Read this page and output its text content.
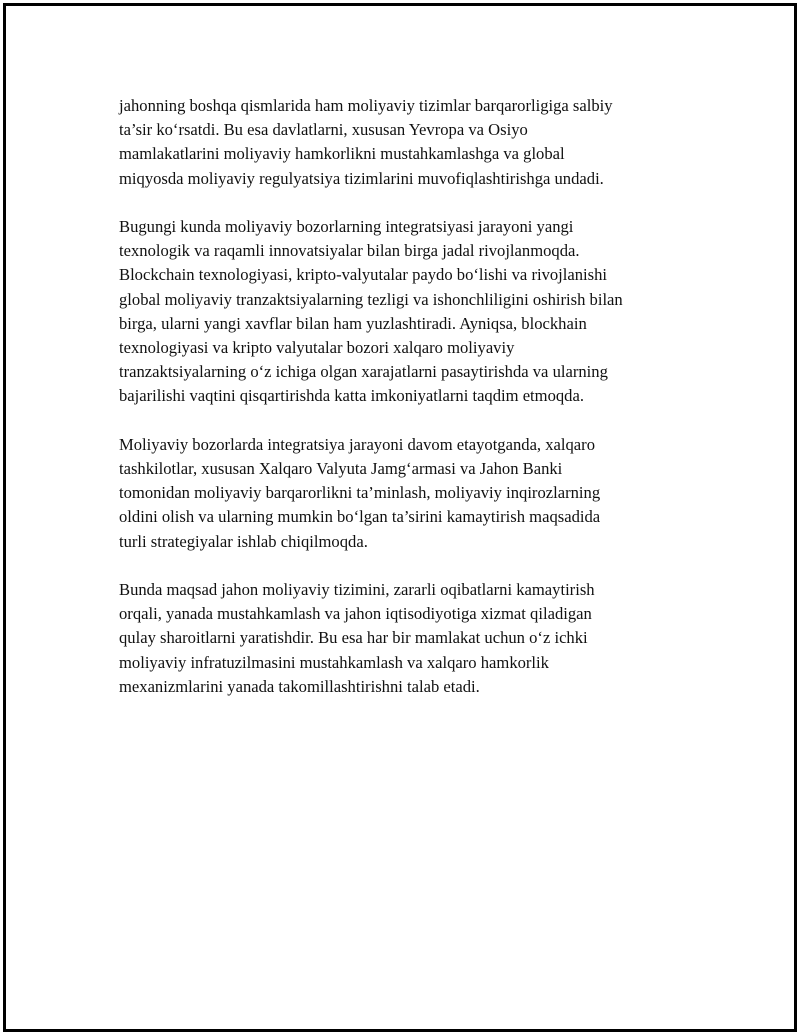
jahonning boshqa qismlarida ham moliyaviy tizimlar barqarorligiga salbiy
ta’sir ko‘rsatdi. Bu esa davlatlarni, xususan Yevropa va Osiyo
mamlakatlarini moliyaviy hamkorlikni mustahkamlashga va global
miqyosda moliyaviy regulyatsiya tizimlarini muvofiqlashtirishga undadi.

Bugungi kunda moliyaviy bozorlarning integratsiyasi jarayoni yangi
texnologik va raqamli innovatsiyalar bilan birga jadal rivojlanmoqda.
Blockchain texnologiyasi, kripto-valyutalar paydo bo‘lishi va rivojlanishi
global moliyaviy tranzaktsiyalarning tezligi va ishonchliligini oshirish bilan
birga, ularni yangi xavflar bilan ham yuzlashtiradi. Ayniqsa, blockhain
texnologiyasi va kripto valyutalar bozori xalqaro moliyaviy
tranzaktsiyalarning o‘z ichiga olgan xarajatlarni pasaytirishda va ularning
bajarilishi vaqtini qisqartirishda katta imkoniyatlarni taqdim etmoqda.

Moliyaviy bozorlarda integratsiya jarayoni davom etayotganda, xalqaro
tashkilotlar, xususan Xalqaro Valyuta Jamg‘armasi va Jahon Banki
tomonidan moliyaviy barqarorlikni ta’minlash, moliyaviy inqirozlarning
oldini olish va ularning mumkin bo‘lgan ta’sirini kamaytirish maqsadida
turli strategiyalar ishlab chiqilmoqda.

Bunda maqsad jahon moliyaviy tizimini, zararli oqibatlarni kamaytirish
orqali, yanada mustahkamlash va jahon iqtisodiyotiga xizmat qiladigan
qulay sharoitlarni yaratishdir. Bu esa har bir mamlakat uchun o‘z ichki
moliyaviy infratuzilmasini mustahkamlash va xalqaro hamkorlik
mexanizmlarini yanada takomillashtirishni talab etadi.
